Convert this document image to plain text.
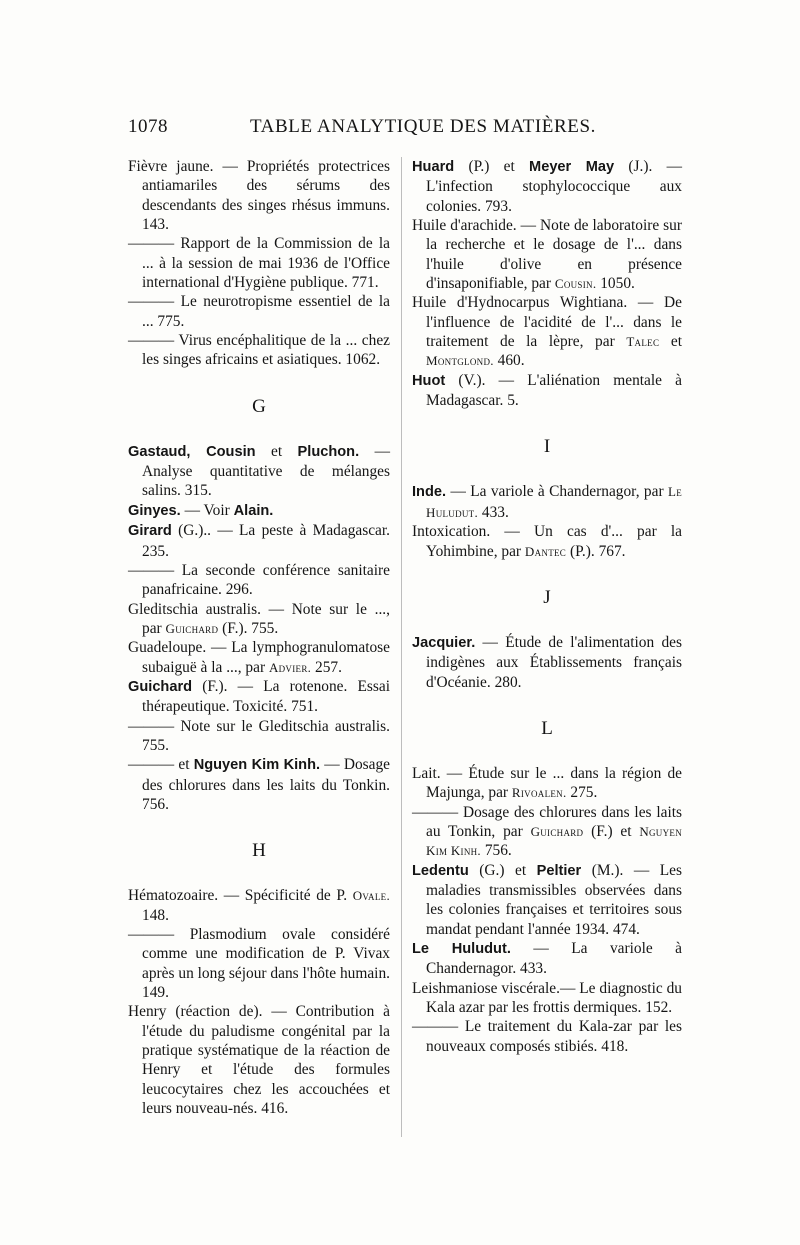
1078	TABLE ANALYTIQUE DES MATIÈRES.

Fièvre jaune. — Propriétés protectrices antiamariles des sérums des descendants des singes rhésus immuns. 143.

——— Rapport de la Commission de la ... à la session de mai 1936 de l'Office international d'Hygiène publique. 771.

——— Le neurotropisme essentiel de la ... 775.

——— Virus encéphalitique de la ... chez les singes africains et asiatiques. 1062.

G

Gastaud, Cousin et Pluchon. — Analyse quantitative de mélanges salins. 315.

Ginyes. — Voir Alain.

Girard (G.).. — La peste à Madagascar. 235.

——— La seconde conférence sanitaire panafricaine. 296.

Gleditschia australis. — Note sur le ..., par Guichard (F.). 755.

Guadeloupe. — La lymphogranulomatose subaiguë à la ..., par Advier. 257.

Guichard (F.). — La rotenone. Essai thérapeutique. Toxicité. 751.

——— Note sur le Gleditschia australis. 755.

——— et Nguyen Kim Kinh. — Dosage des chlorures dans les laits du Tonkin. 756.

H

Hématozoaire. — Spécificité de P. Ovale. 148.

——— Plasmodium ovale considéré comme une modification de P. Vivax après un long séjour dans l'hôte humain. 149.

Henry (réaction de). — Contribution à l'étude du paludisme congénital par la pratique systématique de la réaction de Henry et l'étude des formules leucocytaires chez les accouchées et leurs nouveau-nés. 416.

Huard (P.) et Meyer May (J.). — L'infection stophylococcique aux colonies. 793.

Huile d'arachide. — Note de laboratoire sur la recherche et le dosage de l'... dans l'huile d'olive en présence d'insaponifiable, par Cousin. 1050.

Huile d'Hydnocarpus Wightiana. — De l'influence de l'acidité de l'... dans le traitement de la lèpre, par Talec et Montglond. 460.

Huot (V.). — L'aliénation mentale à Madagascar. 5.

I

Inde. — La variole à Chandernagor, par Le Huludut. 433.

Intoxication. — Un cas d'... par la Yohimbine, par Dantec (P.). 767.

J

Jacquier. — Étude de l'alimentation des indigènes aux Établissements français d'Océanie. 280.

L

Lait. — Étude sur le ... dans la région de Majunga, par Rivoalen. 275.

——— Dosage des chlorures dans les laits au Tonkin, par Guichard (F.) et Nguyen Kim Kinh. 756.

Ledentu (G.) et Peltier (M.). — Les maladies transmissibles observées dans les colonies françaises et territoires sous mandat pendant l'année 1934. 474.

Le Huludut. — La variole à Chandernagor. 433.

Leishmaniose viscérale.— Le diagnostic du Kala azar par les frottis dermiques. 152.

——— Le traitement du Kala-zar par les nouveaux composés stibiés. 418.
